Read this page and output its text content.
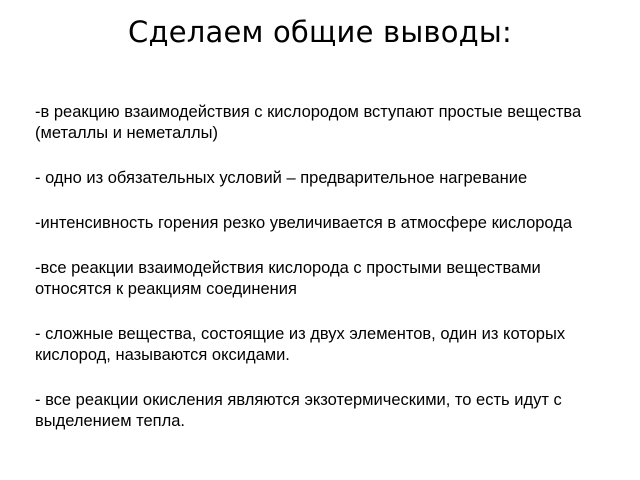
Сделаем общие выводы:
-в реакцию взаимодействия с кислородом вступают простые вещества (металлы и неметаллы)
- одно из обязательных условий – предварительное нагревание
-интенсивность горения резко увеличивается в атмосфере кислорода
-все реакции взаимодействия кислорода с простыми веществами относятся к реакциям соединения
- сложные вещества, состоящие из двух элементов, один из которых кислород, называются оксидами.
- все реакции окисления являются экзотермическими, то есть идут с выделением тепла.
